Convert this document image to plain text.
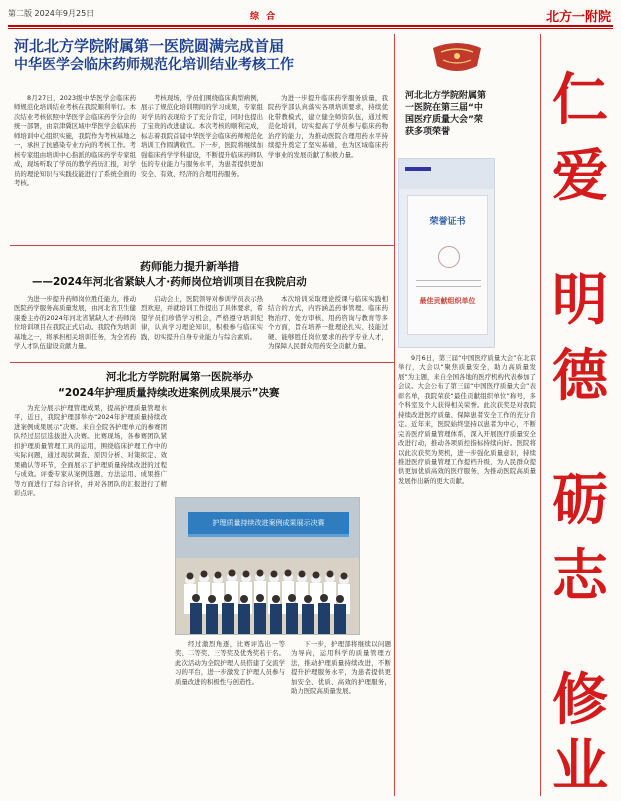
第二版 2024年9月25日	综 合	北方一附院
河北北方学院附属第一医院圆满完成首届
中华医学会临床药师规范化培训结业考核工作

8月27日，2023级中华医学会临床药师规范化培训结业考核在我院顺利举行。本次结业考核依照中华医学会临床药学分会的统一部署，由京津冀区域中华医学会临床药师培训中心组织实施，我院作为考核基地之一，承担了抗感染专业方向的考核工作。考核专家组由培训中心指派的临床药学专家组成，现场听取了学员的教学药历汇报，对学员的理论知识与实践技能进行了系统全面的考核。

考核现场，学员们围绕临床典型病例，展示了规范化培训期间的学习成果，专家组对学员的表现给予了充分肯定，同时也提出了宝贵的改进建议。本次考核的顺利完成，标志着我院首届中华医学会临床药师规范化培训工作圆满收官。下一步，医院将继续加强临床药学学科建设，不断提升临床药师队伍的专业能力与服务水平，为患者提供更加安全、有效、经济的合理用药服务。

为进一步提升临床药学服务质量，我院药学部认真落实各项培训要求，持续优化带教模式，建立健全师资队伍，通过规范化培训，切实提高了学员参与临床药物治疗的能力，为推动医院合理用药水平持续提升奠定了坚实基础，也为区域临床药学事业的发展贡献了积极力量。

药师能力提升新举措
——2024年河北省紧缺人才·药师岗位培训项目在我院启动

为进一步提升药师岗位胜任能力，推动医院药学服务高质量发展，由河北省卫生健康委主办的2024年河北省紧缺人才·药师岗位培训项目在我院正式启动。我院作为培训基地之一，将承担相关培训任务，为全省药学人才队伍建设贡献力量。

启动会上，医院领导对参训学员表示热烈欢迎，并就培训工作提出了具体要求，希望学员们珍惜学习机会，严格遵守培训纪律，认真学习理论知识，积极参与临床实践，切实提升自身专业能力与综合素质。

本次培训采取理论授课与临床实践相结合的方式，内容涵盖药事管理、临床药物治疗、处方审核、用药咨询与教育等多个方面，旨在培养一批理论扎实、技能过硬、能够胜任岗位要求的药学专业人才，为保障人民群众用药安全贡献力量。

河北北方学院附属第一医院举办
“2024年护理质量持续改进案例成果展示”决赛

为充分展示护理管理成果，提高护理质量管理水平，近日，我院护理部举办“2024年护理质量持续改进案例成果展示”决赛。来自全院各护理单元的参赛团队经过层层选拔进入决赛。比赛现场，各参赛团队紧扣护理质量管理工具的运用，围绕临床护理工作中的实际问题，通过现状调查、原因分析、对策拟定、效果确认等环节，全面展示了护理质量持续改进的过程与成效。评委专家从案例选题、方法运用、成果推广等方面进行了综合评价，并对各团队的汇报进行了精彩点评。

护理质量持续改进案例成果展示决赛

经过激烈角逐，比赛评选出一等奖、二等奖、三等奖及优秀奖若干名。此次活动为全院护理人员搭建了交流学习的平台，进一步激发了护理人员参与质量改进的积极性与创造性。

下一步，护理部将继续以问题为导向，运用科学的质量管理方法，推动护理质量持续改进，不断提升护理服务水平，为患者提供更加安全、优质、高效的护理服务，助力医院高质量发展。

河北北方学院附属第一医院在第三届“中国医疗质量大会”荣获多项荣誉
荣誉证书
最佳贡献组织单位

9月6日，第三届“中国医疗质量大会”在北京举行，大会以“聚焦质量安全，助力高质量发展”为主题，来自全国各地的医疗机构代表参加了会议。大会公布了第三届“中国医疗质量大会”表彰名单，我院荣获“最佳贡献组织单位”称号，多个科室及个人获得相关荣誉。此次获奖是对我院持续改进医疗质量、保障患者安全工作的充分肯定。近年来，医院始终坚持以患者为中心，不断完善医疗质量管理体系，深入开展医疗质量安全改进行动，推动各项质控指标持续向好。医院将以此次获奖为契机，进一步强化质量意识，持续推进医疗质量管理工作提档升级，为人民群众提供更加优质高效的医疗服务，为推动医院高质量发展作出新的更大贡献。

仁
爱
明
德
砺
志
修
业
